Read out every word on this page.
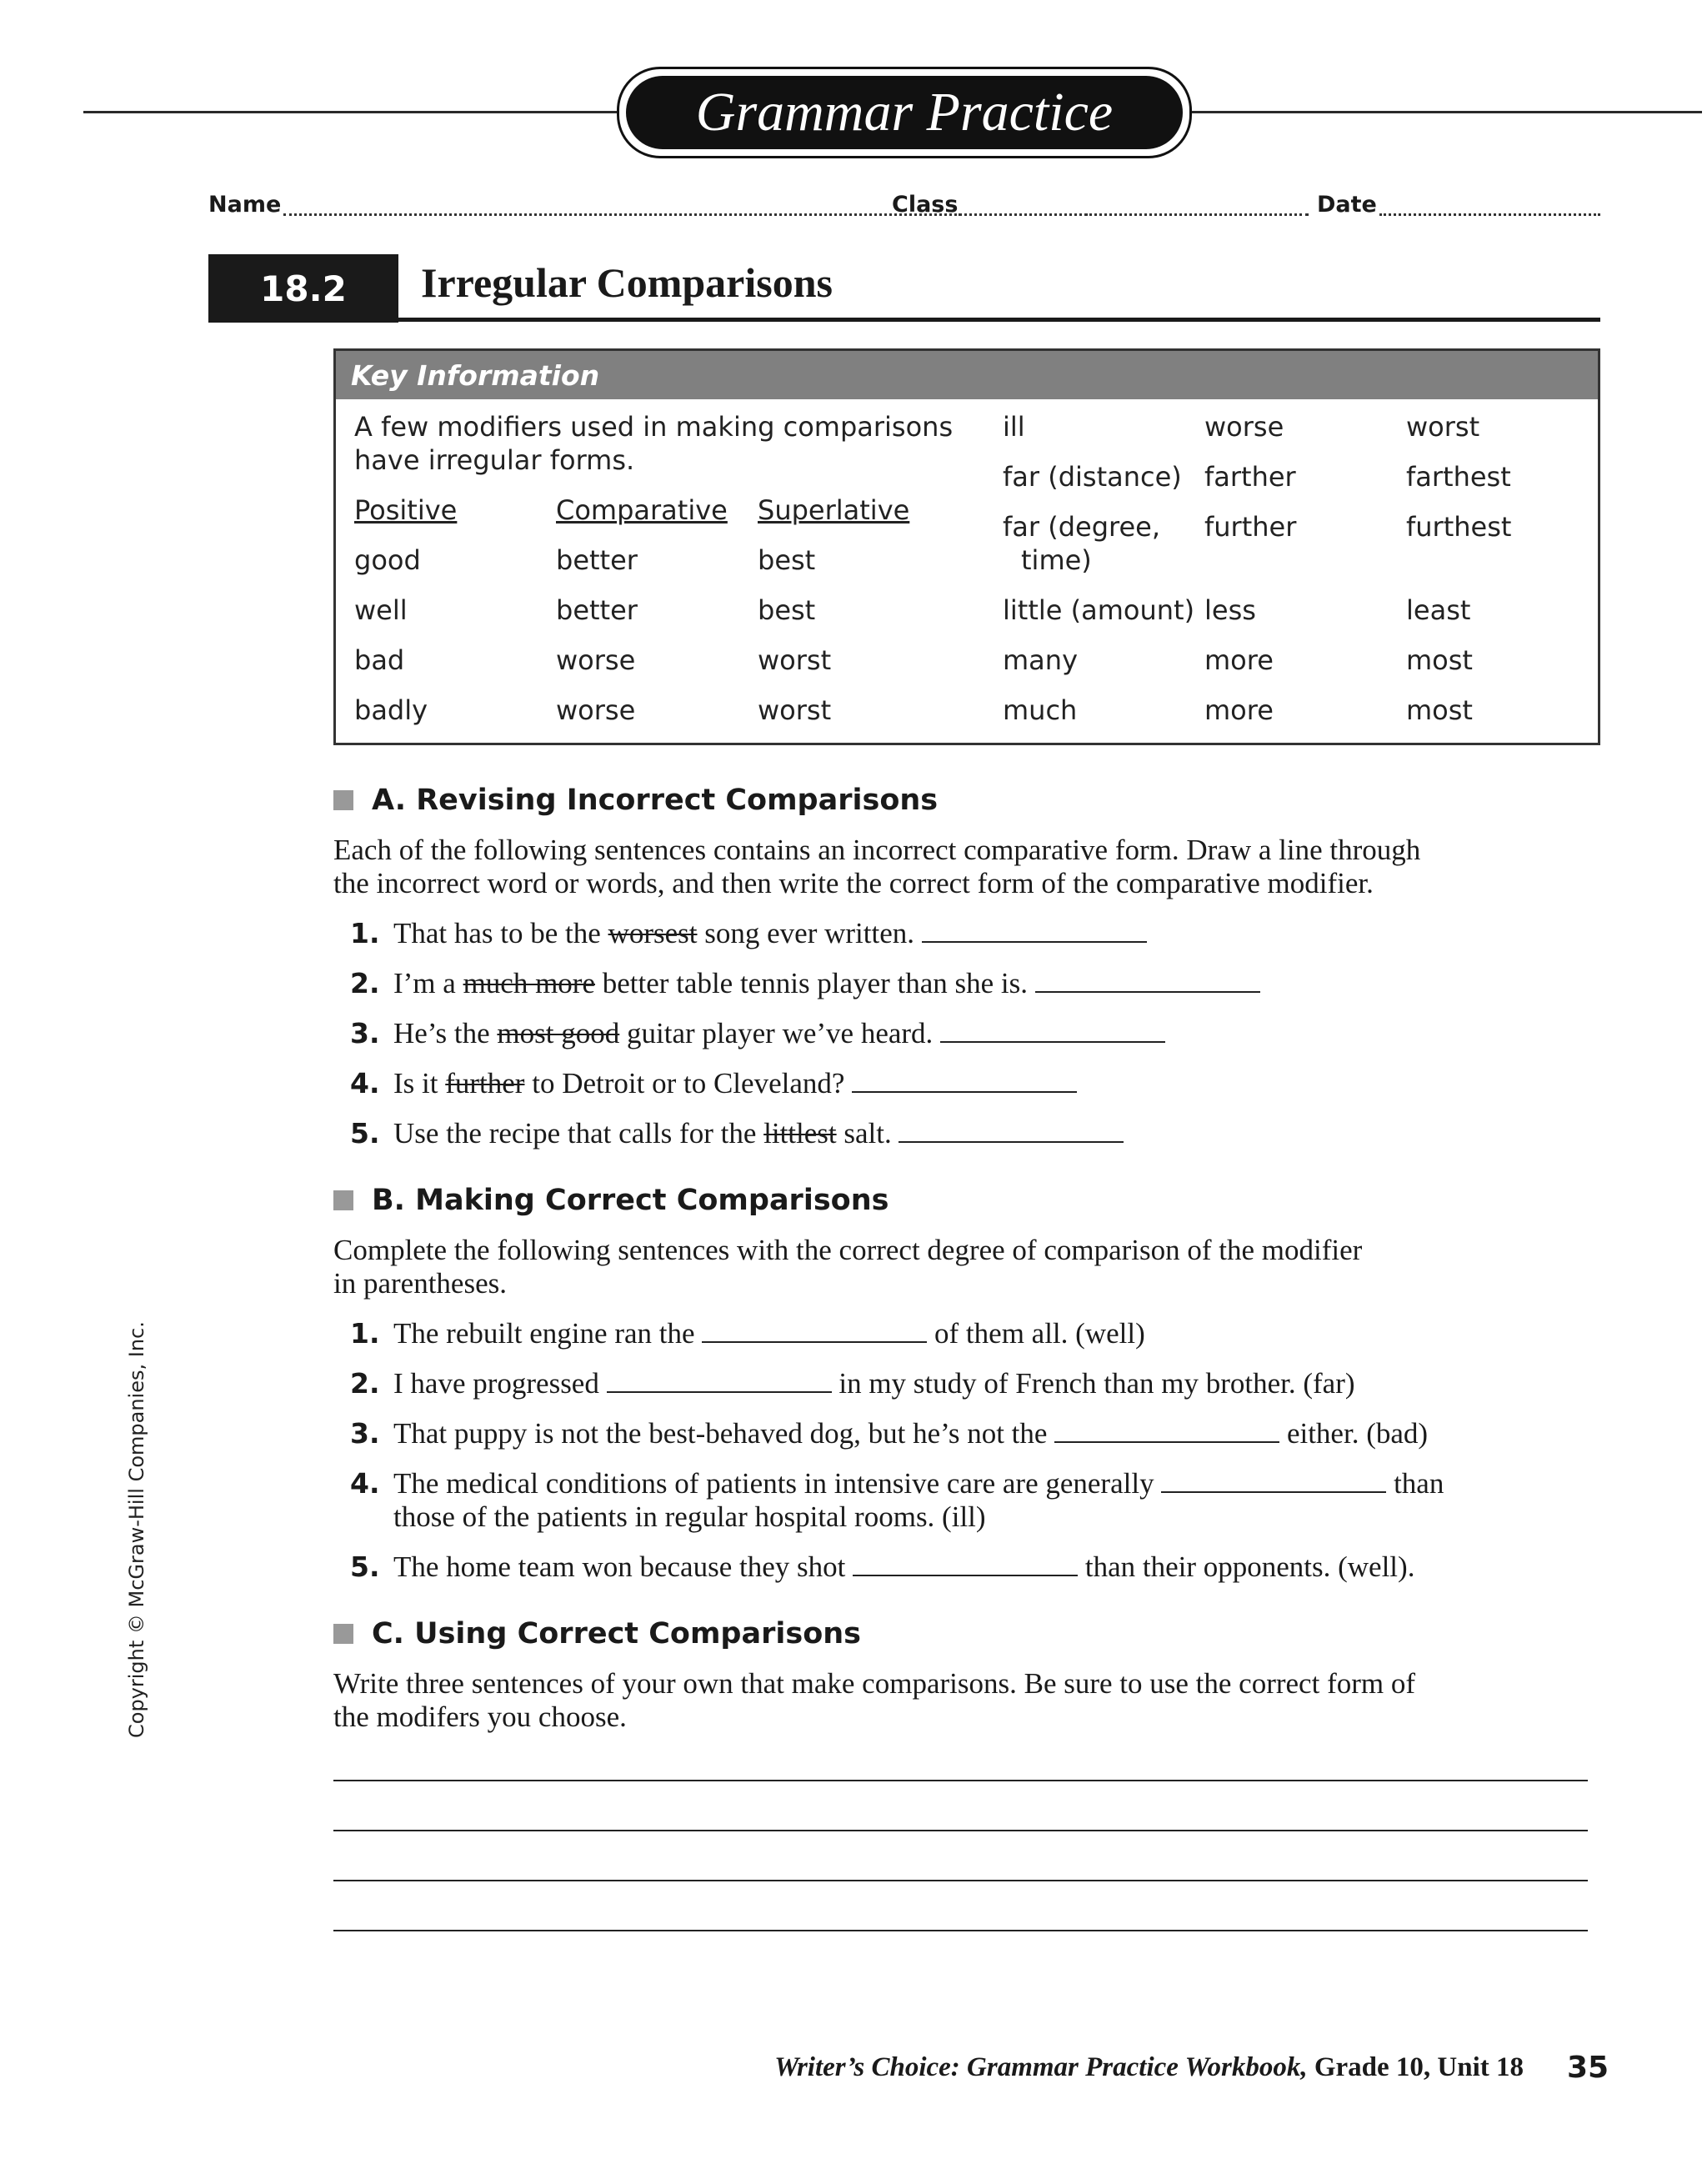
Grammar Practice
Name	Class	Date
18.2	Irregular Comparisons
Key Information
A few modifiers used in making comparisons
have irregular forms.
Positive	Comparative Superlative
good	better	best
well	better	best
bad	worse	worst
badly	worse	worst
ill	worse	worst
far (distance) farther	farthest
far (degree, further	furthest
time)
little (amount) less	least
many	more	most
much	more	most
A. Revising Incorrect Comparisons
Each of the following sentences contains an incorrect comparative form. Draw a line through
the incorrect word or words, and then write the correct form of the comparative modifier.
1. That has to be the worsest song ever written.
2. I’m a much more better table tennis player than she is.
3. He’s the most good guitar player we’ve heard.
4. Is it further to Detroit or to Cleveland?
5. Use the recipe that calls for the littlest salt.
B. Making Correct Comparisons
Complete the following sentences with the correct degree of comparison of the modifier
in parentheses.
1. The rebuilt engine ran the	of them all. (well)
2. I have progressed	in my study of French than my brother. (far)
3. That puppy is not the best-behaved dog, but he’s not the	either. (bad)
4. The medical conditions of patients in intensive care are generally	than
those of the patients in regular hospital rooms. (ill)
5. The home team won because they shot	than their opponents. (well).
C. Using Correct Comparisons
Write three sentences of your own that make comparisons. Be sure to use the correct form of
the modifers you choose.
Copyright © McGraw-Hill Companies, Inc.
Writer’s Choice: Grammar Practice Workbook, Grade 10, Unit 18 35
